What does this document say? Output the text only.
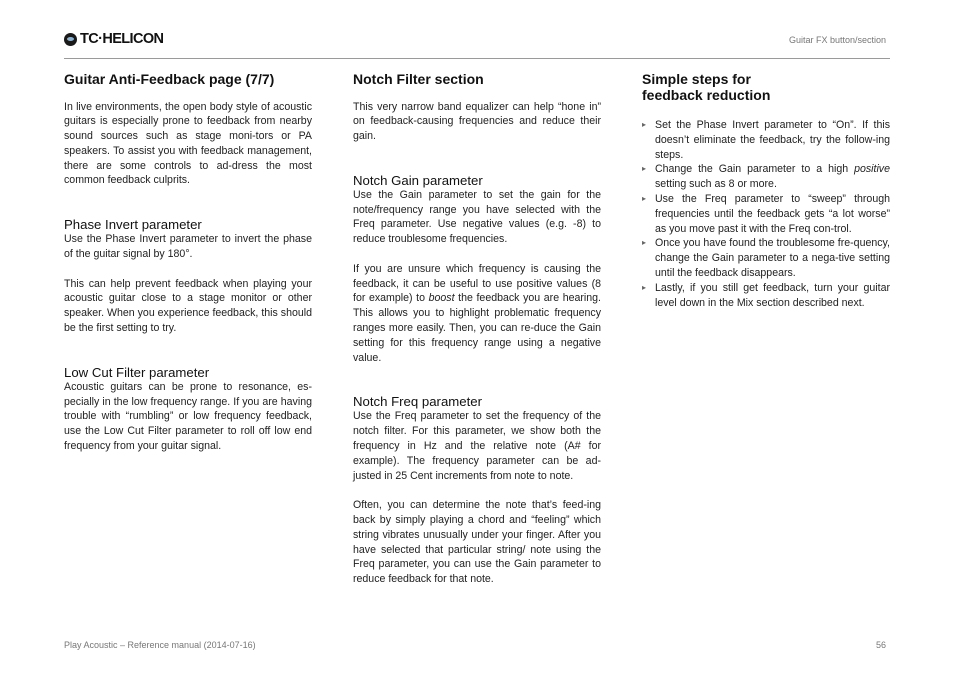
TC·HELICON	Guitar FX button/section
Guitar Anti-Feedback page (7/7)

In live environments, the open body style of acoustic guitars is especially prone to feedback from nearby sound sources such as stage moni-tors or PA speakers. To assist you with feedback management, there are some controls to ad-dress the most common feedback culprits.

Phase Invert parameter

Use the Phase Invert parameter to invert the phase of the guitar signal by 180°.

This can help prevent feedback when playing your acoustic guitar close to a stage monitor or other speaker. When you experience feedback, this should be the first setting to try.

Low Cut Filter parameter

Acoustic guitars can be prone to resonance, es-pecially in the low frequency range. If you are having trouble with “rumbling” or low frequency feedback, use the Low Cut Filter parameter to roll off low end frequency from your guitar signal.

Notch Filter section

This very narrow band equalizer can help “hone in” on feedback-causing frequencies and reduce their gain.

Notch Gain parameter

Use the Gain parameter to set the gain for the note/frequency range you have selected with the Freq parameter. Use negative values (e.g. -8) to reduce troublesome frequencies.

If you are unsure which frequency is causing the feedback, it can be useful to use positive values (8 for example) to boost the feedback you are hearing. This allows you to highlight problematic frequency ranges more easily. Then, you can re-duce the Gain setting for this frequency range using a negative value.

Notch Freq parameter

Use the Freq parameter to set the frequency of the notch filter. For this parameter, we show both the frequency in Hz and the relative note (A# for example). The frequency parameter can be ad-justed in 25 Cent increments from note to note.

Often, you can determine the note that’s feed-ing back by simply playing a chord and “feeling” which string vibrates unusually under your finger. After you have selected that particular string/ note using the Freq parameter, you can use the Gain parameter to reduce feedback for that note.

Simple steps for
feedback reduction
▸ Set the Phase Invert parameter to “On”. If this doesn’t eliminate the feedback, try the follow-ing steps.
▸ Change the Gain parameter to a high positive setting such as 8 or more.
▸ Use the Freq parameter to “sweep” through frequencies until the feedback gets “a lot worse” as you move past it with the Freq con-trol.
▸ Once you have found the troublesome fre-quency, change the Gain parameter to a nega-tive setting until the feedback disappears.
▸ Lastly, if you still get feedback, turn your guitar level down in the Mix section described next.
Play Acoustic – Reference manual (2014-07-16)	56
